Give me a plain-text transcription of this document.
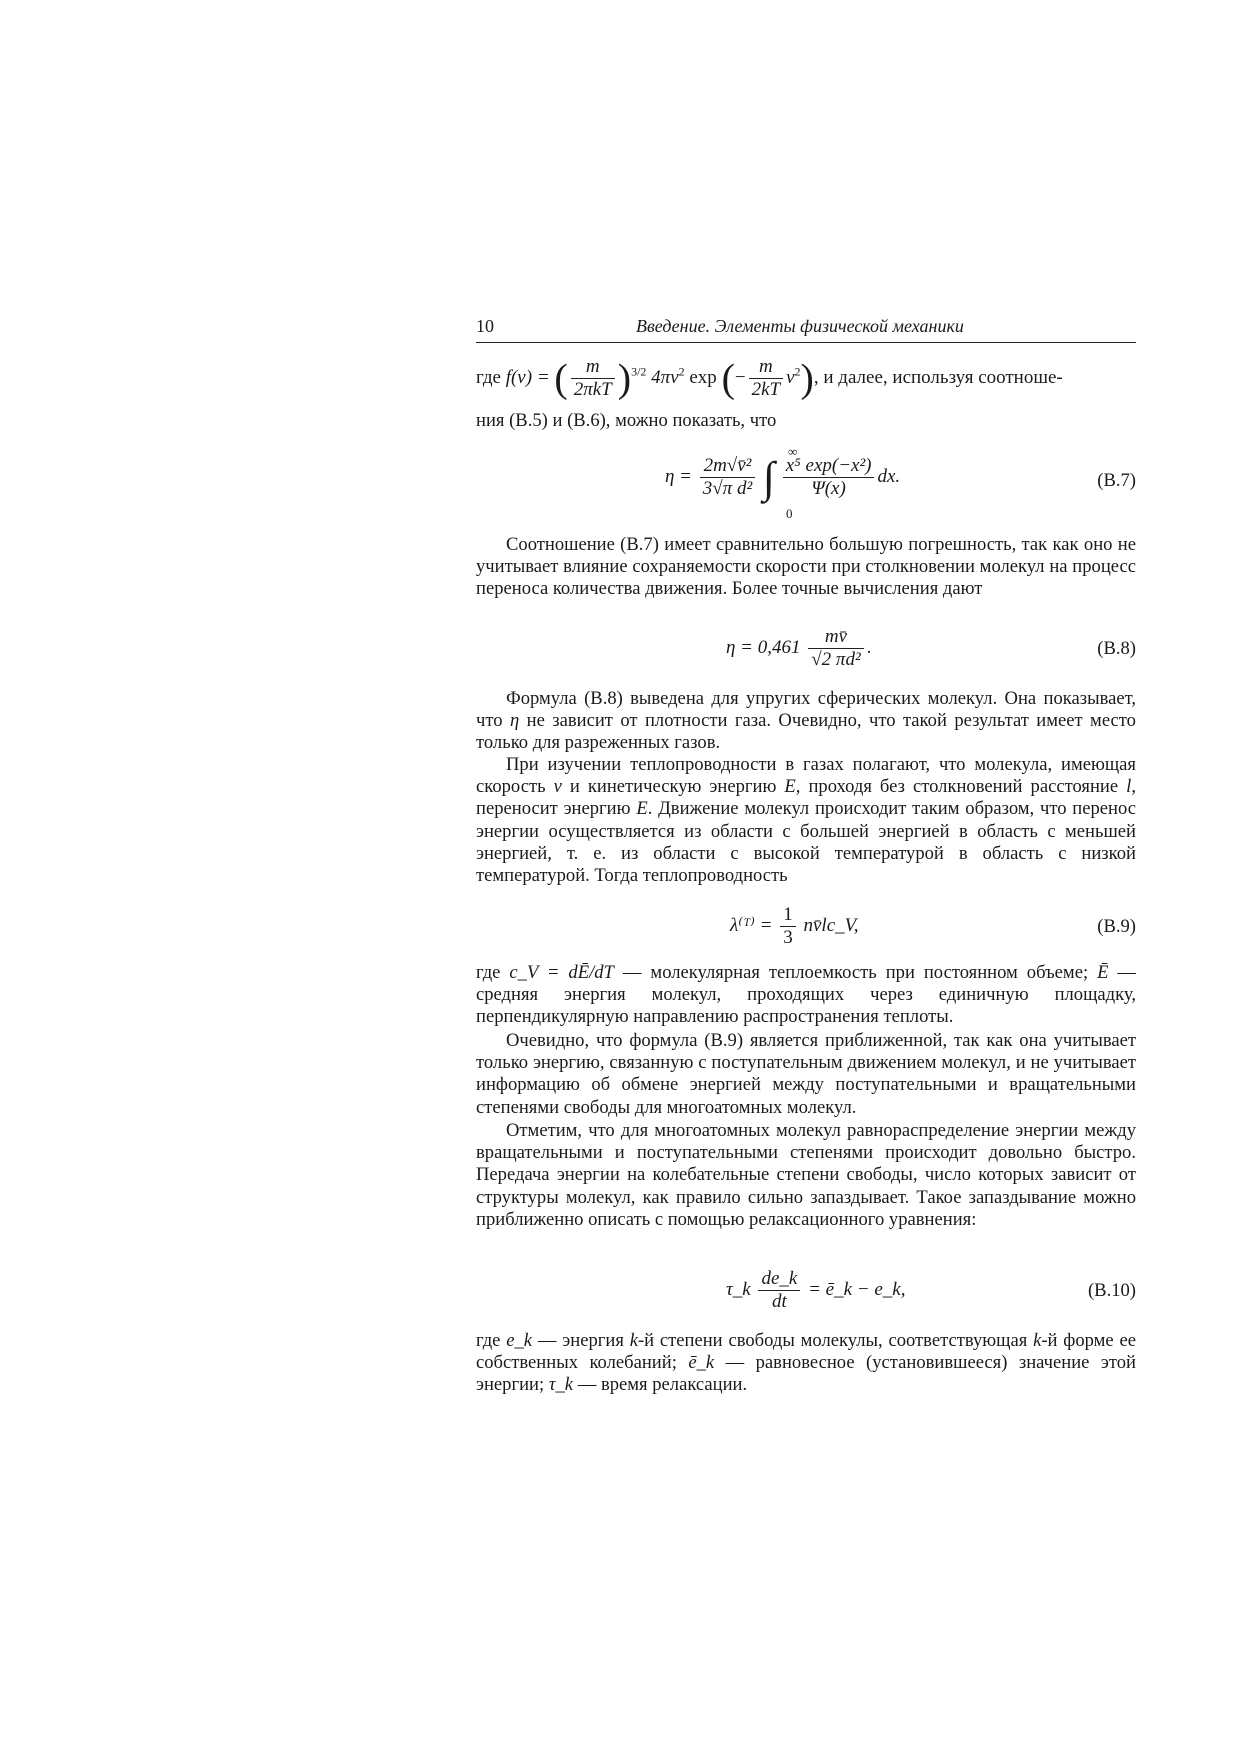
10	Введение. Элементы физической механики
где f(v) = ( $\frac{m}{\text{2πkT}} )^{3/2}$ $4\pi v^2$ exp (− $\frac{m}{2kT} v^2$), и далее, используя соотноше-
ния (В.5) и (В.6), можно показать, что
$\eta = \frac{\text{2m√v̄²}}{\text{3√π d²}}$ ∫ $\frac{\text{x⁵ exp(−x²)}}{\Psi(x)}$ dx.
∞
0
(В.7)
Соотношение (В.7) имеет сравнительно большую погрешность, так как оно не учитывает влияние сохраняемости скорости при столкновении молекул на процесс переноса количества движения. Более точные вычисления дают
$\eta = 0,461 \frac{mv̄}{\text{√2 πd²}}$ .	(В.8)
Формула (В.8) выведена для упругих сферических молекул. Она показывает, что η не зависит от плотности газа. Очевидно, что такой результат имеет место только для разреженных газов.
При изучении теплопроводности в газах полагают, что молекула, имеющая скорость v и кинетическую энергию E, проходя без столкновений расстояние l, переносит энергию E. Движение молекул происходит таким образом, что перенос энергии осуществляется из области с большей энергией в область с меньшей энергией, т. е. из области с высокой температурой в область с низкой температурой. Тогда теплопроводность
λ⁽ᵀ⁾ = $\frac{1}{3}$ nv̄lc_V,	(В.9)
где c_V = dĒ/dT — молекулярная теплоемкость при постоянном объеме; Ē — средняя энергия молекул, проходящих через единичную площадку, перпендикулярную направлению распространения теплоты.
Очевидно, что формула (В.9) является приближенной, так как она учитывает только энергию, связанную с поступательным движением молекул, и не учитывает информацию об обмене энергией между поступательными и вращательными степенями свободы для многоатомных молекул.
Отметим, что для многоатомных молекул равнораспределение энергии между вращательными и поступательными степенями происходит довольно быстро. Передача энергии на колебательные степени свободы, число которых зависит от структуры молекул, как правило сильно запаздывает. Такое запаздывание можно приближенно описать с помощью релаксационного уравнения:
τ_k $\frac{de\_k}{dt}$ = ē_k − e_k,	(В.10)
где e_k — энергия k-й степени свободы молекулы, соответствующая k-й форме ее собственных колебаний; ē_k — равновесное (установившееся) значение этой энергии; τ_k — время релаксации.
